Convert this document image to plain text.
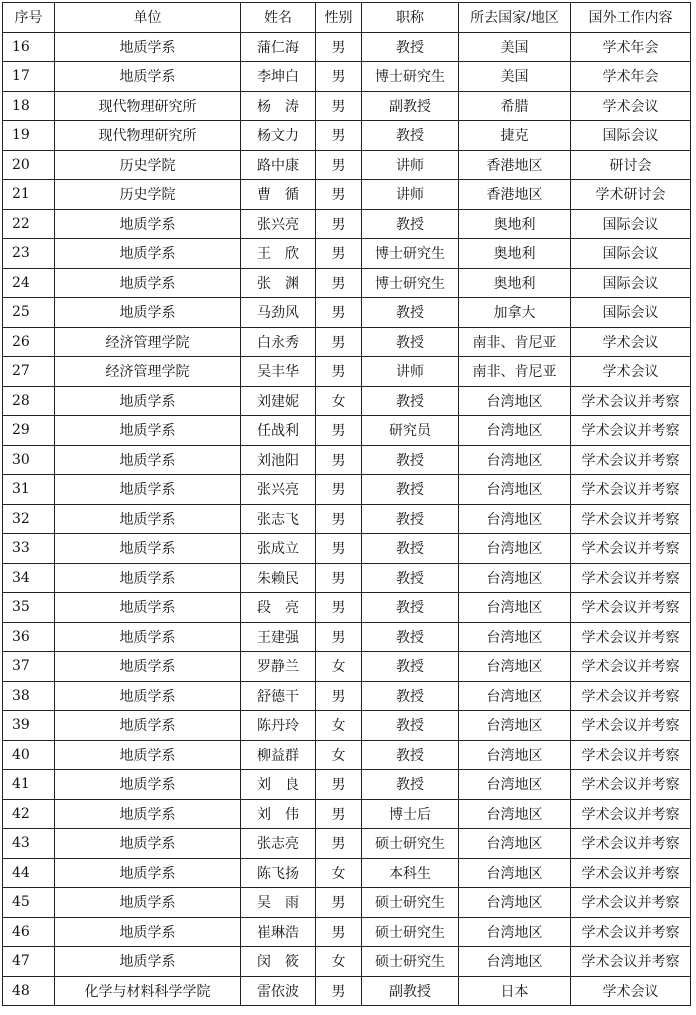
序号	单位	姓名	性别	职称	所去国家/地区	国外工作内容
16	地质学系	蒲仁海	男	教授	美国	学术年会
17	地质学系	李坤白	男	博士研究生	美国	学术年会
18	现代物理研究所	杨　涛	男	副教授	希腊	学术会议
19	现代物理研究所	杨文力	男	教授	捷克	国际会议
20	历史学院	路中康	男	讲师	香港地区	研讨会
21	历史学院	曹　循	男	讲师	香港地区	学术研讨会
22	地质学系	张兴亮	男	教授	奥地利	国际会议
23	地质学系	王　欣	男	博士研究生	奥地利	国际会议
24	地质学系	张　渊	男	博士研究生	奥地利	国际会议
25	地质学系	马劲风	男	教授	加拿大	国际会议
26	经济管理学院	白永秀	男	教授	南非、肯尼亚	学术会议
27	经济管理学院	吴丰华	男	讲师	南非、肯尼亚	学术会议
28	地质学系	刘建妮	女	教授	台湾地区	学术会议并考察
29	地质学系	任战利	男	研究员	台湾地区	学术会议并考察
30	地质学系	刘池阳	男	教授	台湾地区	学术会议并考察
31	地质学系	张兴亮	男	教授	台湾地区	学术会议并考察
32	地质学系	张志飞	男	教授	台湾地区	学术会议并考察
33	地质学系	张成立	男	教授	台湾地区	学术会议并考察
34	地质学系	朱赖民	男	教授	台湾地区	学术会议并考察
35	地质学系	段　亮	男	教授	台湾地区	学术会议并考察
36	地质学系	王建强	男	教授	台湾地区	学术会议并考察
37	地质学系	罗静兰	女	教授	台湾地区	学术会议并考察
38	地质学系	舒德干	男	教授	台湾地区	学术会议并考察
39	地质学系	陈丹玲	女	教授	台湾地区	学术会议并考察
40	地质学系	柳益群	女	教授	台湾地区	学术会议并考察
41	地质学系	刘　良	男	教授	台湾地区	学术会议并考察
42	地质学系	刘　伟	男	博士后	台湾地区	学术会议并考察
43	地质学系	张志亮	男	硕士研究生	台湾地区	学术会议并考察
44	地质学系	陈飞扬	女	本科生	台湾地区	学术会议并考察
45	地质学系	吴　雨	男	硕士研究生	台湾地区	学术会议并考察
46	地质学系	崔琳浩	男	硕士研究生	台湾地区	学术会议并考察
47	地质学系	闵　筱	女	硕士研究生	台湾地区	学术会议并考察
48	化学与材料科学学院	雷依波	男	副教授	日本	学术会议
